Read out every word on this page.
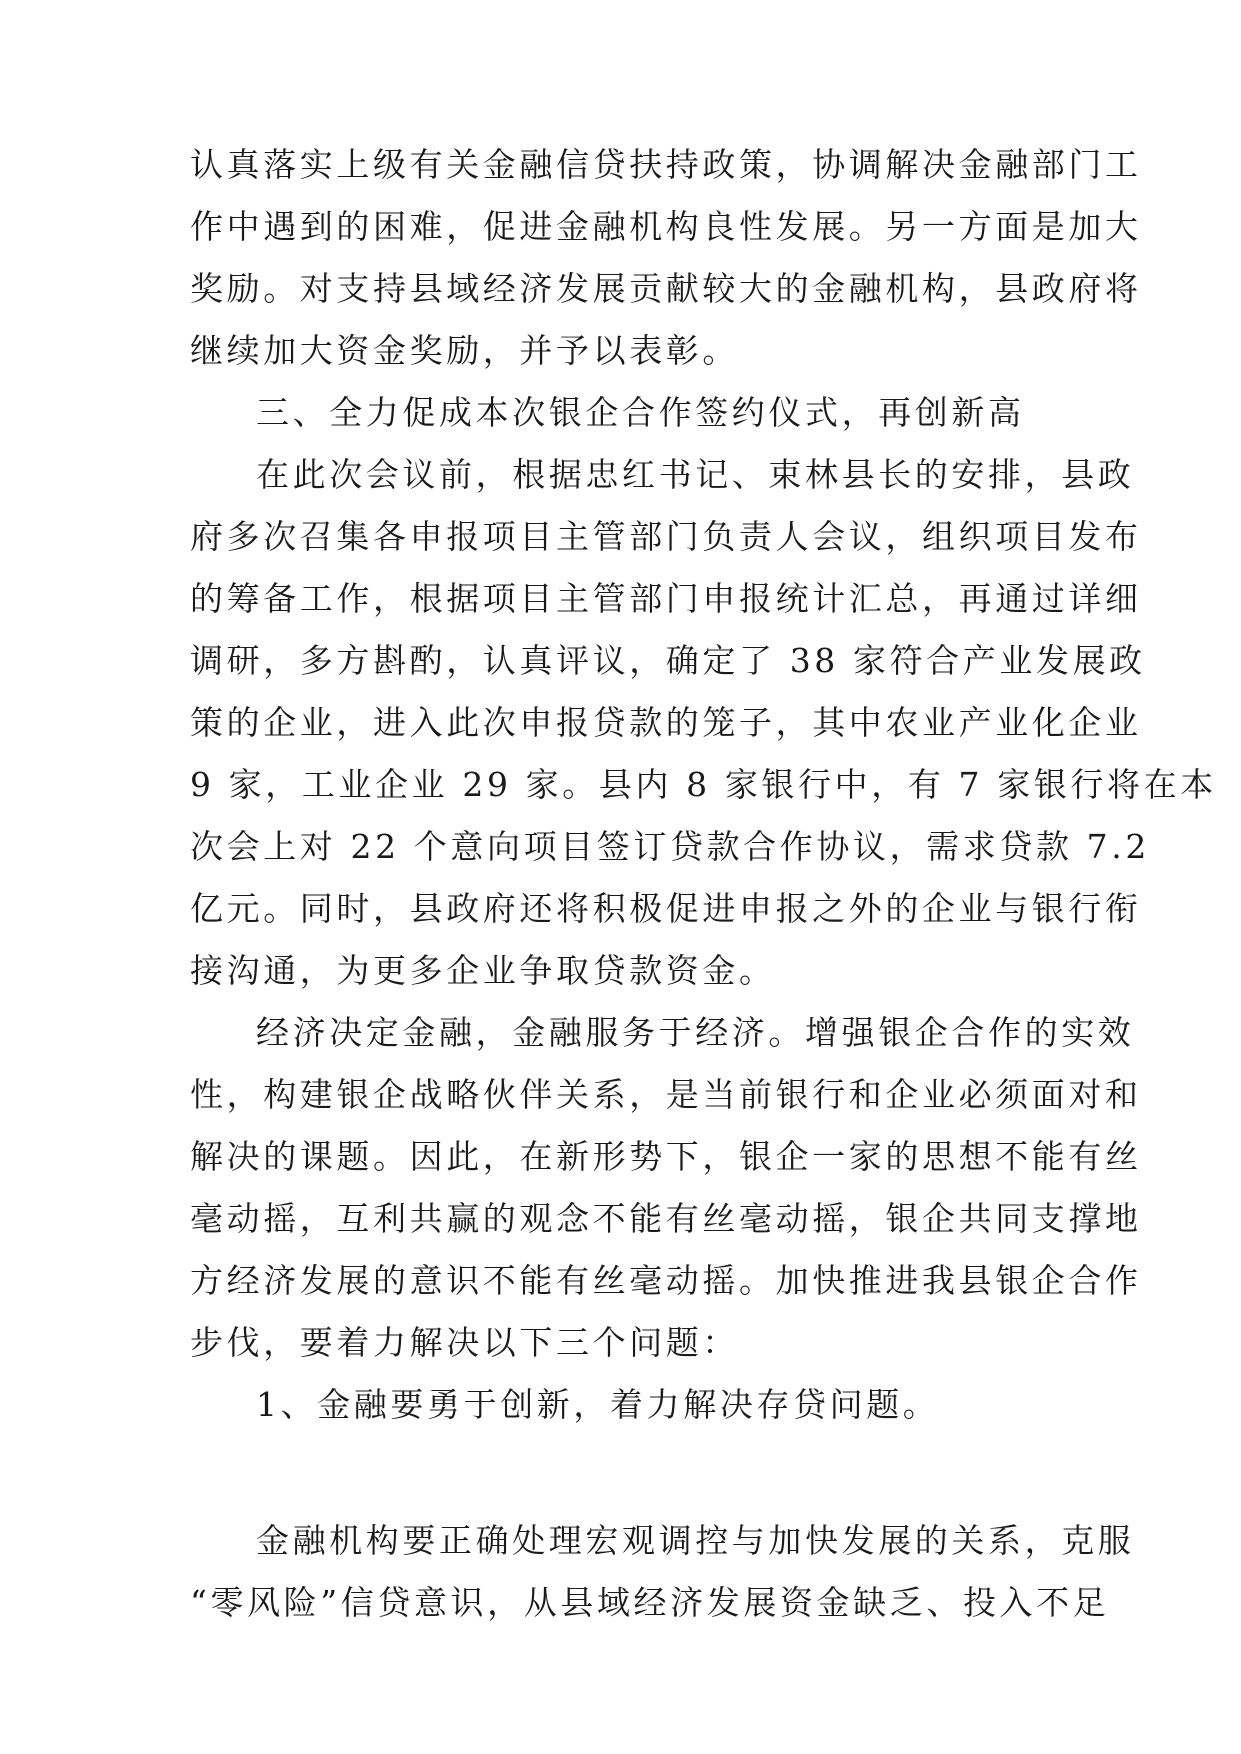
认真落实上级有关金融信贷扶持政策，协调解决金融部门工
作中遇到的困难，促进金融机构良性发展。另一方面是加大
奖励。对支持县域经济发展贡献较大的金融机构，县政府将
继续加大资金奖励，并予以表彰。
三、全力促成本次银企合作签约仪式，再创新高
在此次会议前，根据忠红书记、束林县长的安排，县政
府多次召集各申报项目主管部门负责人会议，组织项目发布
的筹备工作，根据项目主管部门申报统计汇总，再通过详细
调研，多方斟酌，认真评议，确定了 38 家符合产业发展政
策的企业，进入此次申报贷款的笼子，其中农业产业化企业
9 家，工业企业 29 家。县内 8 家银行中，有 7 家银行将在本
次会上对 22 个意向项目签订贷款合作协议，需求贷款 7.2
亿元。同时，县政府还将积极促进申报之外的企业与银行衔
接沟通，为更多企业争取贷款资金。
经济决定金融，金融服务于经济。增强银企合作的实效
性，构建银企战略伙伴关系，是当前银行和企业必须面对和
解决的课题。因此，在新形势下，银企一家的思想不能有丝
毫动摇，互利共赢的观念不能有丝毫动摇，银企共同支撑地
方经济发展的意识不能有丝毫动摇。加快推进我县银企合作
步伐，要着力解决以下三个问题：
1、金融要勇于创新，着力解决存贷问题。
金融机构要正确处理宏观调控与加快发展的关系，克服
“零风险”信贷意识，从县域经济发展资金缺乏、投入不足
